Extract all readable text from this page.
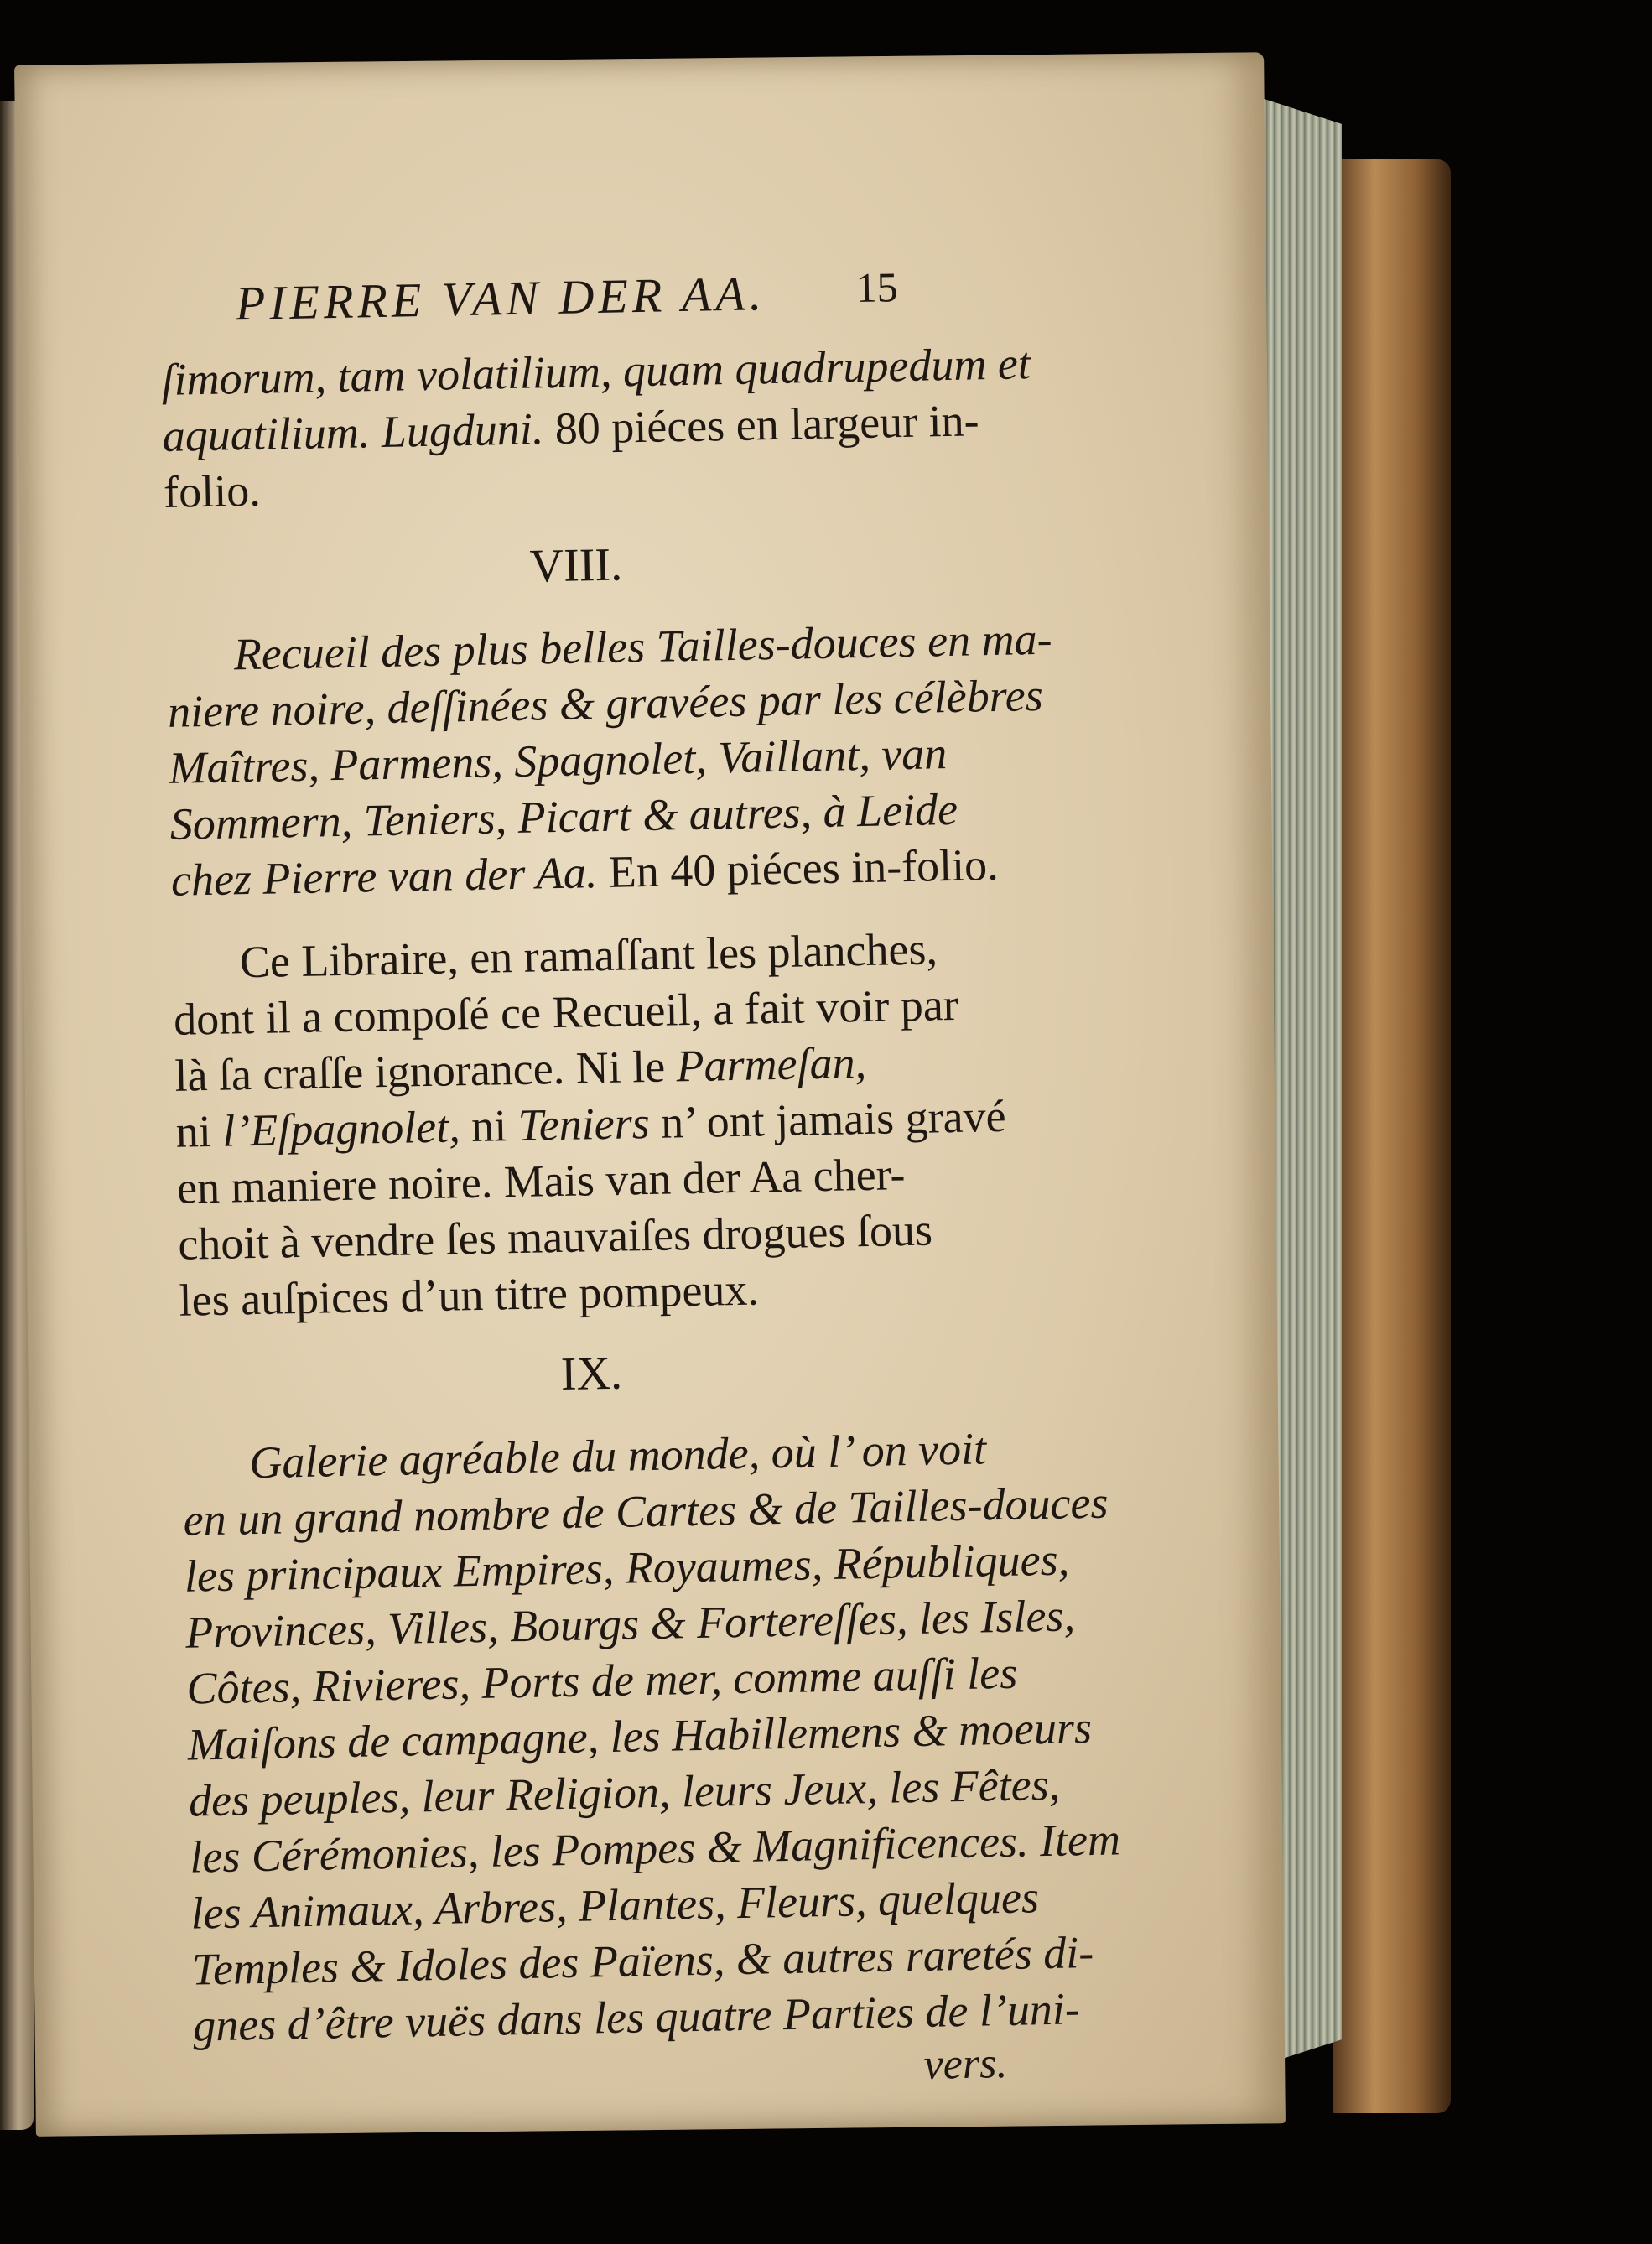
PIERRE VAN DER AA. 15
ſimorum, tam volatilium, quam quadrupedum et
aquatilium. Lugduni. 80 piéces en largeur in-
folio.
VIII.
Recueil des plus belles Tailles-douces en ma-
niere noire, deſſinées & gravées par les célèbres
Maîtres, Parmens, Spagnolet, Vaillant, van
Sommern, Teniers, Picart & autres, à Leide
chez Pierre van der Aa. En 40 piéces in-folio.
Ce Libraire, en ramaſſant les planches,
dont il a compoſé ce Recueil, a fait voir par
là ſa craſſe ignorance. Ni le Parmeſan,
ni l’Eſpagnolet, ni Teniers n’ ont jamais gravé
en maniere noire. Mais van der Aa cher-
choit à vendre ſes mauvaiſes drogues ſous
les auſpices d’un titre pompeux.
IX.
Galerie agréable du monde, où l’ on voit
en un grand nombre de Cartes & de Tailles-douces
les principaux Empires, Royaumes, Républiques,
Provinces, Villes, Bourgs & Fortereſſes, les Isles,
Côtes, Rivieres, Ports de mer, comme auſſi les
Maiſons de campagne, les Habillemens & moeurs
des peuples, leur Religion, leurs Jeux, les Fêtes,
les Cérémonies, les Pompes & Magnificences. Item
les Animaux, Arbres, Plantes, Fleurs, quelques
Temples & Idoles des Païens, & autres raretés di-
gnes d’être vuës dans les quatre Parties de l’uni-
vers.
